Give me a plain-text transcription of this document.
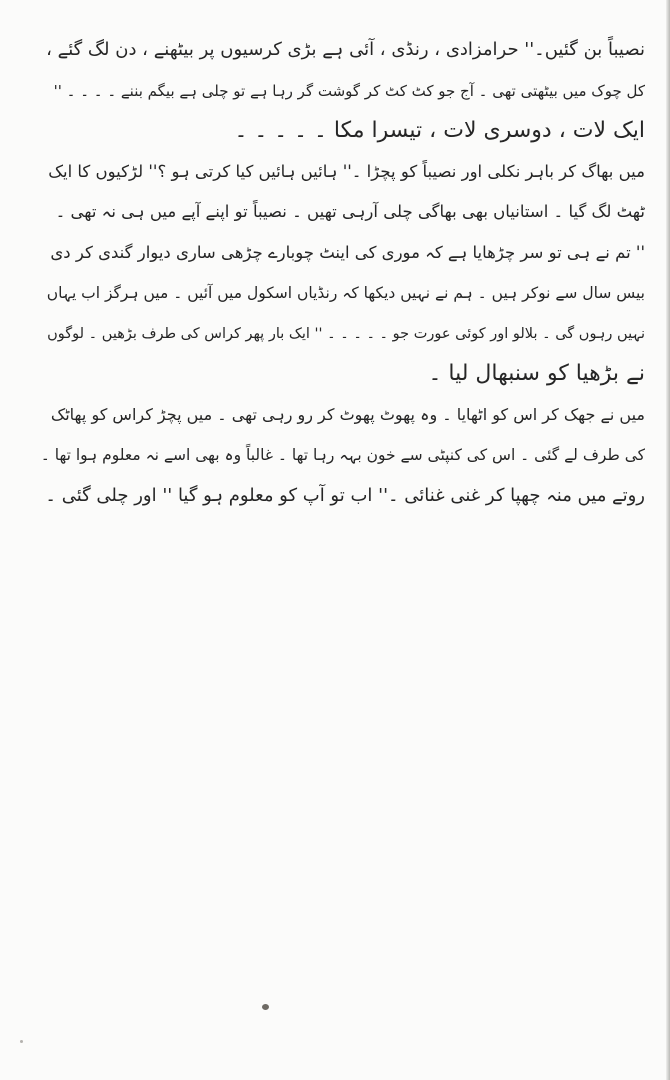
نصیباً بن گئیں۔'' حرامزادی ، رنڈی ، آئی ہے بڑی کرسیوں پر بیٹھنے ، دن لگ گئے ،

کل چوک میں بیٹھتی تھی ۔ آج جو کٹ کٹ کر گوشت گر رہا ہے تو چلی ہے بیگم بننے ۔ ۔ ۔ ۔ ''

ایک لات ، دوسری لات ، تیسرا مکا ۔ ۔ ۔ ۔ ۔

میں بھاگ کر باہر نکلی اور نصیباً کو پچڑا ۔'' ہائیں ہائیں کیا کرتی ہو ؟'' لڑکیوں کا ایک

ٹھٹ لگ گیا ۔ استانیاں بھی بھاگی چلی آرہی تھیں ۔ نصیباً تو اپنے آپے میں ہی نہ تھی ۔

'' تم نے ہی تو سر چڑھایا ہے کہ موری کی اینٹ چوبارے چڑھی ساری دیوار گندی کر دی

بیس سال سے نوکر ہیں ۔ ہم نے نہیں دیکھا کہ رنڈیاں اسکول میں آئیں ۔ میں ہرگز اب یہاں

نہیں رہوں گی ۔ بلالو اور کوئی عورت جو ۔ ۔ ۔ ۔ ۔ '' ایک بار پھر کراس کی طرف بڑھیں ۔ لوگوں

نے بڑھیا کو سنبھال لیا ۔

میں نے جھک کر اس کو اٹھایا ۔ وہ پھوٹ پھوٹ کر رو رہی تھی ۔ میں پچڑ کراس کو پھاٹک

کی طرف لے گئی ۔ اس کی کنپٹی سے خون بہہ رہا تھا ۔ غالباً وہ بھی اسے نہ معلوم ہوا تھا ۔

روتے میں منہ چھپا کر غنی غنائی ۔'' اب تو آپ کو معلوم ہو گیا '' اور چلی گئی ۔
